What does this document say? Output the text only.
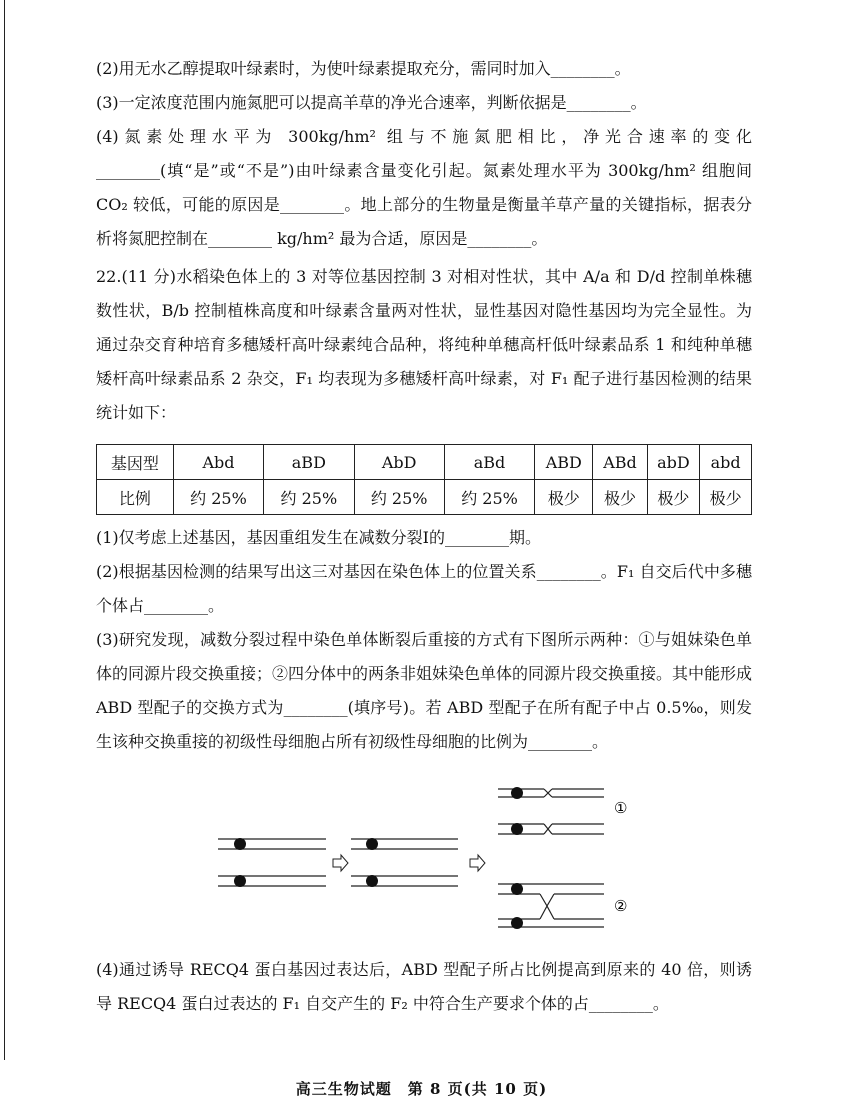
(2)用无水乙醇提取叶绿素时，为使叶绿素提取充分，需同时加入________。

(3)一定浓度范围内施氮肥可以提高羊草的净光合速率，判断依据是________。

(4)氮素处理水平为 300kg/hm² 组与不施氮肥相比，净光合速率的变化________(填“是”或“不是”)由叶绿素含量变化引起。氮素处理水平为 300kg/hm² 组胞间 CO₂ 较低，可能的原因是________。地上部分的生物量是衡量羊草产量的关键指标，据表分析将氮肥控制在________ kg/hm² 最为合适，原因是________。

22.(11 分)水稻染色体上的 3 对等位基因控制 3 对相对性状，其中 A/a 和 D/d 控制单株穗数性状，B/b 控制植株高度和叶绿素含量两对性状，显性基因对隐性基因均为完全显性。为通过杂交育种培育多穗矮杆高叶绿素纯合品种，将纯种单穗高杆低叶绿素品系 1 和纯种单穗矮杆高叶绿素品系 2 杂交，F₁ 均表现为多穗矮杆高叶绿素，对 F₁ 配子进行基因检测的结果统计如下：

基因型	Abd	aBD	AbD	aBd	ABD	ABd	abD	abd
比例	约 25%	约 25%	约 25%	约 25%	极少	极少	极少	极少

(1)仅考虑上述基因，基因重组发生在减数分裂Ⅰ的________期。

(2)根据基因检测的结果写出这三对基因在染色体上的位置关系________。F₁ 自交后代中多穗个体占________。

(3)研究发现，减数分裂过程中染色单体断裂后重接的方式有下图所示两种：①与姐妹染色单体的同源片段交换重接；②四分体中的两条非姐妹染色单体的同源片段交换重接。其中能形成 ABD 型配子的交换方式为________(填序号)。若 ABD 型配子在所有配子中占 0.5‰，则发生该种交换重接的初级性母细胞占所有初级性母细胞的比例为________。

①
②

(4)通过诱导 RECQ4 蛋白基因过表达后，ABD 型配子所占比例提高到原来的 40 倍，则诱导 RECQ4 蛋白过表达的 F₁ 自交产生的 F₂ 中符合生产要求个体的占________。

高三生物试题　第 8 页(共 10 页)
